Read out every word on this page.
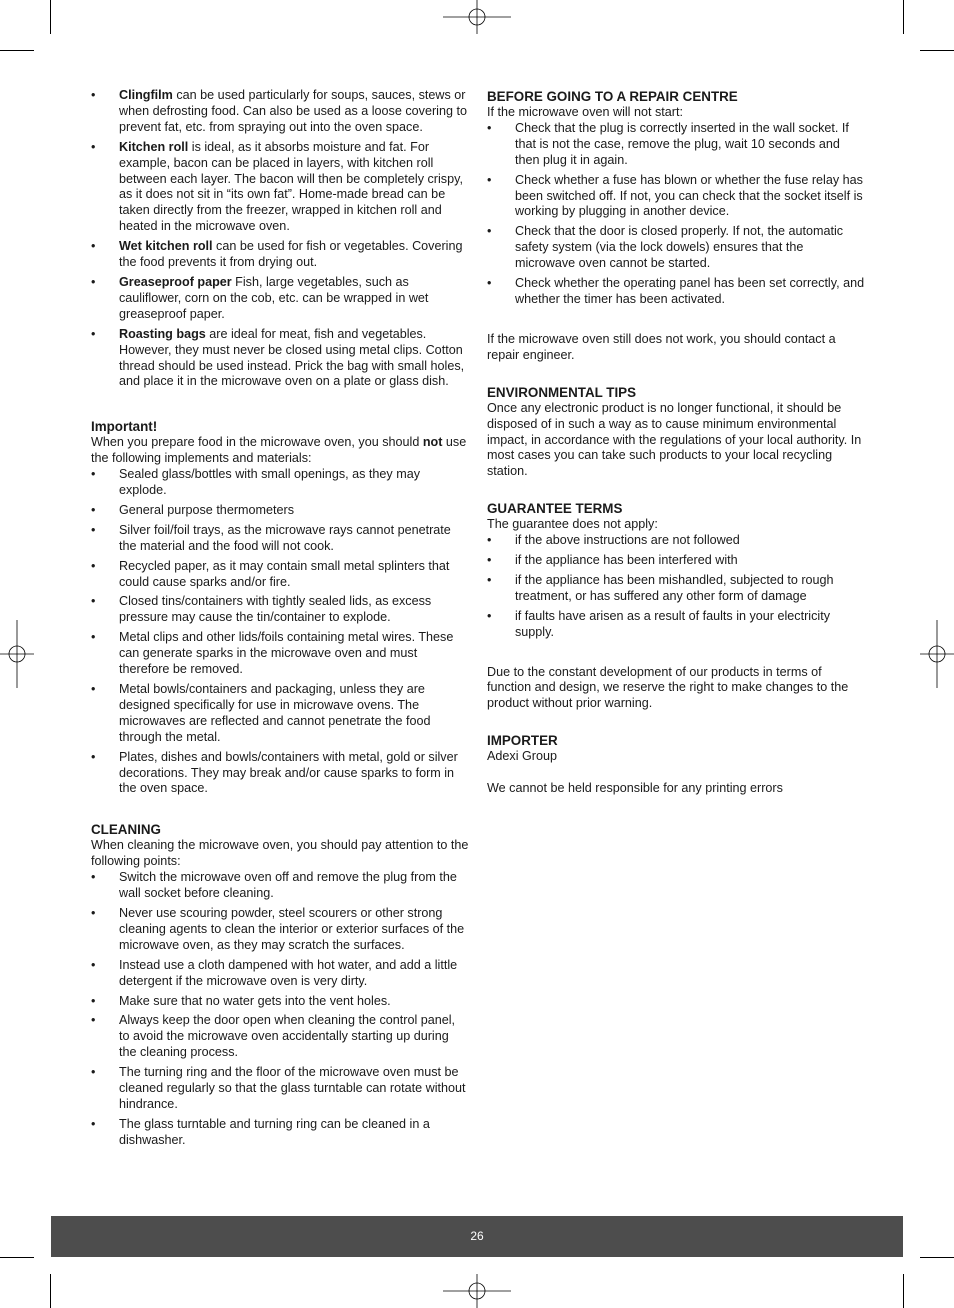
• Clingfilm can be used particularly for soups, sauces, stews or when defrosting food. Can also be used as a loose covering to prevent fat, etc. from spraying out into the oven space.
• Kitchen roll is ideal, as it absorbs moisture and fat. For example, bacon can be placed in layers, with kitchen roll between each layer. The bacon will then be completely crispy, as it does not sit in “its own fat”. Home-made bread can be taken directly from the freezer, wrapped in kitchen roll and heated in the microwave oven.
• Wet kitchen roll can be used for fish or vegetables. Covering the food prevents it from drying out.
• Greaseproof paper Fish, large vegetables, such as cauliflower, corn on the cob, etc. can be wrapped in wet greaseproof paper.
• Roasting bags are ideal for meat, fish and vegetables. However, they must never be closed using metal clips. Cotton thread should be used instead. Prick the bag with small holes, and place it in the microwave oven on a plate or glass dish.
Important!

When you prepare food in the microwave oven, you should not use the following implements and materials:

• Sealed glass/bottles with small openings, as they may explode.
• General purpose thermometers
• Silver foil/foil trays, as the microwave rays cannot penetrate the material and the food will not cook.
• Recycled paper, as it may contain small metal splinters that could cause sparks and/or fire.
• Closed tins/containers with tightly sealed lids, as excess pressure may cause the tin/container to explode.
• Metal clips and other lids/foils containing metal wires. These can generate sparks in the microwave oven and must therefore be removed.
• Metal bowls/containers and packaging, unless they are designed specifically for use in microwave ovens. The microwaves are reflected and cannot penetrate the food through the metal.
• Plates, dishes and bowls/containers with metal, gold or silver decorations. They may break and/or cause sparks to form in the oven space.
CLEANING

When cleaning the microwave oven, you should pay attention to the following points:

• Switch the microwave oven off and remove the plug from the wall socket before cleaning.
• Never use scouring powder, steel scourers or other strong cleaning agents to clean the interior or exterior surfaces of the microwave oven, as they may scratch the surfaces.
• Instead use a cloth dampened with hot water, and add a little detergent if the microwave oven is very dirty.
• Make sure that no water gets into the vent holes.
• Always keep the door open when cleaning the control panel, to avoid the microwave oven accidentally starting up during the cleaning process.
• The turning ring and the floor of the microwave oven must be cleaned regularly so that the glass turntable can rotate without hindrance.
• The glass turntable and turning ring can be cleaned in a dishwasher.
BEFORE GOING TO A REPAIR CENTRE

If the microwave oven will not start:

• Check that the plug is correctly inserted in the wall socket. If that is not the case, remove the plug, wait 10 seconds and then plug it in again.
• Check whether a fuse has blown or whether the fuse relay has been switched off. If not, you can check that the socket itself is working by plugging in another device.
• Check that the door is closed properly. If not, the automatic safety system (via the lock dowels) ensures that the microwave oven cannot be started.
• Check whether the operating panel has been set correctly, and whether the timer has been activated.

If the microwave oven still does not work, you should contact a repair engineer.

ENVIRONMENTAL TIPS

Once any electronic product is no longer functional, it should be disposed of in such a way as to cause minimum environmental impact, in accordance with the regulations of your local authority. In most cases you can take such products to your local recycling station.

GUARANTEE TERMS

The guarantee does not apply:

• if the above instructions are not followed
• if the appliance has been interfered with
• if the appliance has been mishandled, subjected to rough treatment, or has suffered any other form of damage
• if faults have arisen as a result of faults in your electricity supply.

Due to the constant development of our products in terms of function and design, we reserve the right to make changes to the product without prior warning.

IMPORTER

Adexi Group

We cannot be held responsible for any printing errors

26
